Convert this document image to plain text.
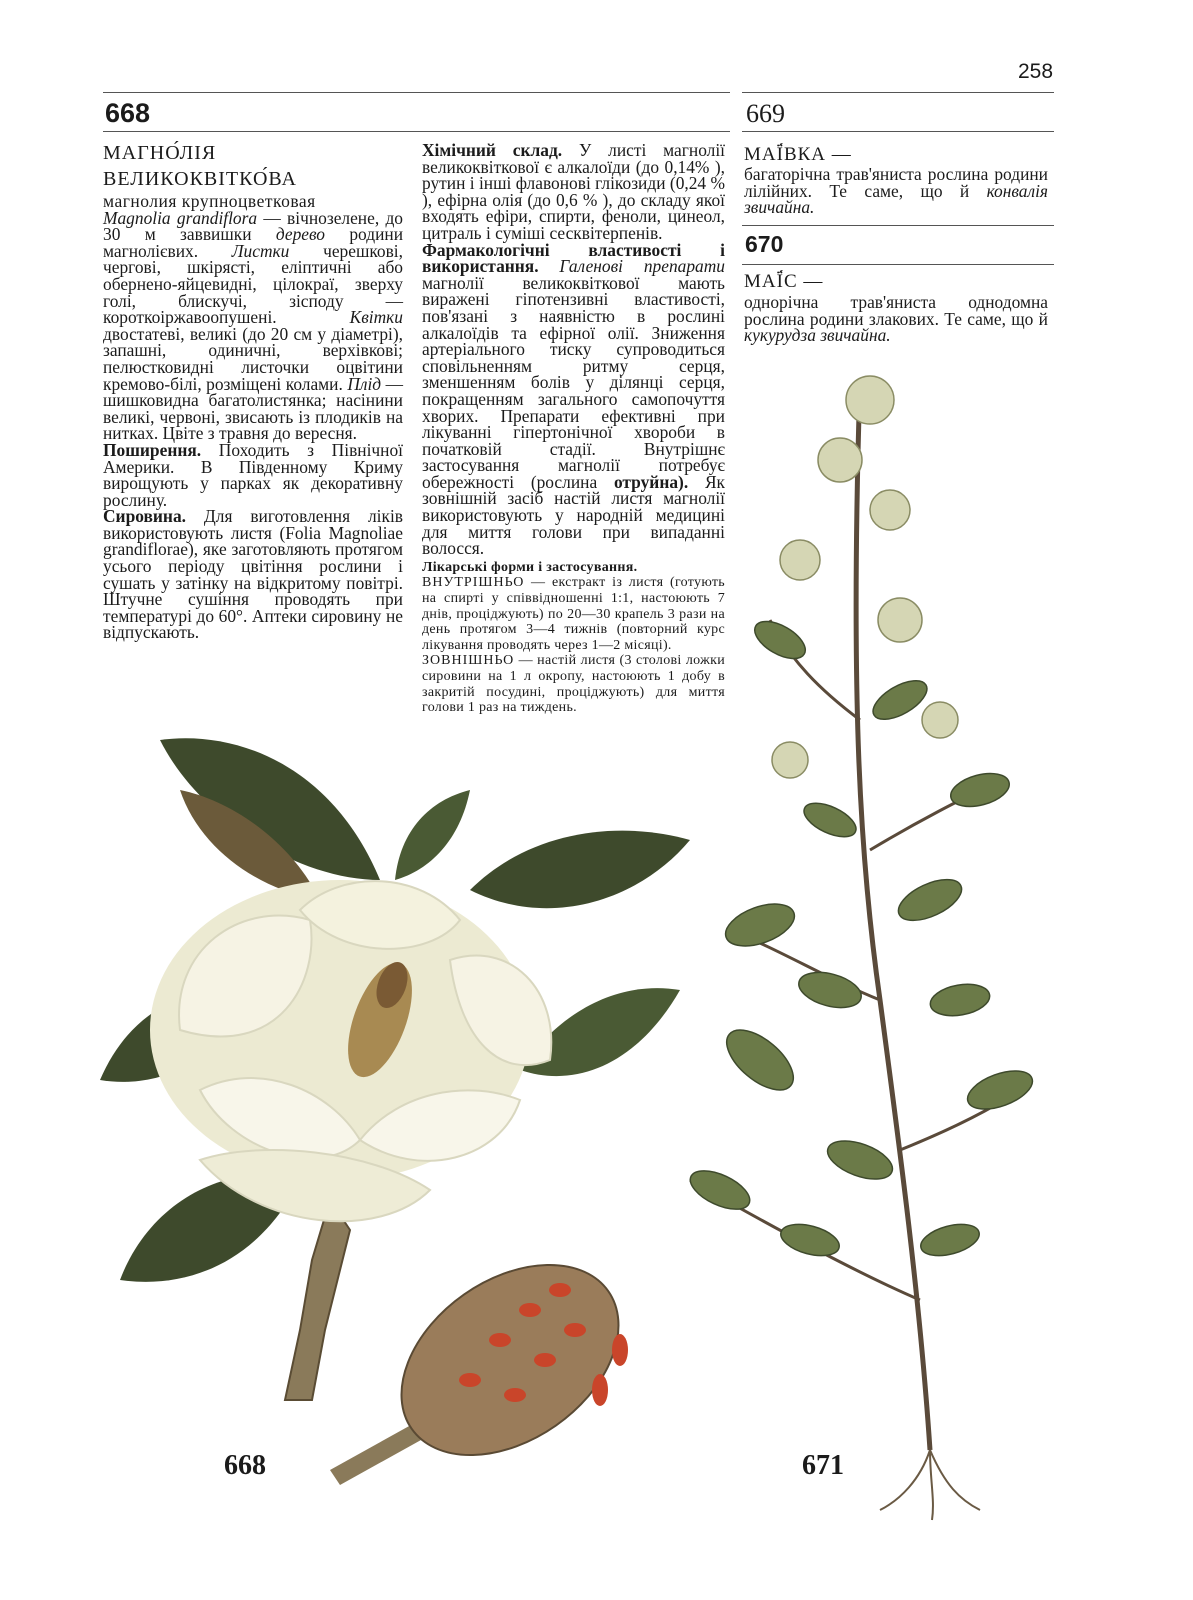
258
668	669
МАГНО́ЛІЯ
ВЕЛИКОКВІТКО́ВА
магнолия крупноцветковая

Magnolia grandiflora — вічнозелене, до 30 м заввишки дерево родини магнолієвих. Листки черешкові, чергові, шкірясті, еліптичні або обернено-яйцевидні, цілокраї, зверху голі, блискучі, зісподу — короткоіржавоопушені. Квітки двостатеві, великі (до 20 см у діаметрі), запашні, одиничні, верхівкові; пелюстковидні листочки оцвітини кремово-білі, розміщені колами. Плід — шишковидна багатолистянка; насінини великі, червоні, звисають із плодиків на нитках. Цвіте з травня до вересня.

Поширення. Походить з Північної Америки. В Південному Криму вирощують у парках як декоративну рослину.

Сировина. Для виготовлення ліків використовують листя (Folia Magnoliae grandiflorae), яке заготовляють протягом усього періоду цвітіння рослини і сушать у затінку на відкритому повітрі. Штучне сушіння проводять при температурі до 60°. Аптеки сировину не відпускають.

Хімічний склад. У листі магнолії великоквіткової є алкалоїди (до 0,14% ), рутин і інші флавонові глікозиди (0,24 % ), ефірна олія (до 0,6 % ), до складу якої входять ефіри, спирти, феноли, цинеол, цитраль і суміші сесквітерпенів.

Фармакологічні властивості і використання. Галенові препарати магнолії великоквіткової мають виражені гіпотензивні властивості, пов'язані з наявністю в рослині алкалоїдів та ефірної олії. Зниження артеріального тиску супроводиться сповільненням ритму серця, зменшенням болів у ділянці серця, покращенням загального самопочуття хворих. Препарати ефективні при лікуванні гіпертонічної хвороби в початковій стадії. Внутрішнє застосування магнолії потребує обережності (рослина отруйна). Як зовнішній засіб настій листя магнолії використовують у народній медицині для миття голови при випаданні волосся.

Лікарські форми і застосування.

ВНУТРІШНЬО — екстракт із листя (готують на спирті у співвідношенні 1:1, настоюють 7 днів, проціджують) по 20—30 крапель 3 рази на день протягом 3—4 тижнів (повторний курс лікування проводять через 1—2 місяці).

ЗОВНІШНЬО — настій листя (3 столові ложки сировини на 1 л окропу, настоюють 1 добу в закритій посудині, проціджують) для миття голови 1 раз на тиждень.

МАЇ́ВКА —

багаторічна трав'яниста рослина родини лілійних. Те саме, що й конвалія звичайна.

670
МАЇ́С —

однорічна трав'яниста однодомна рослина родини злакових. Те саме, що й кукурудза звичайна.

668	671
